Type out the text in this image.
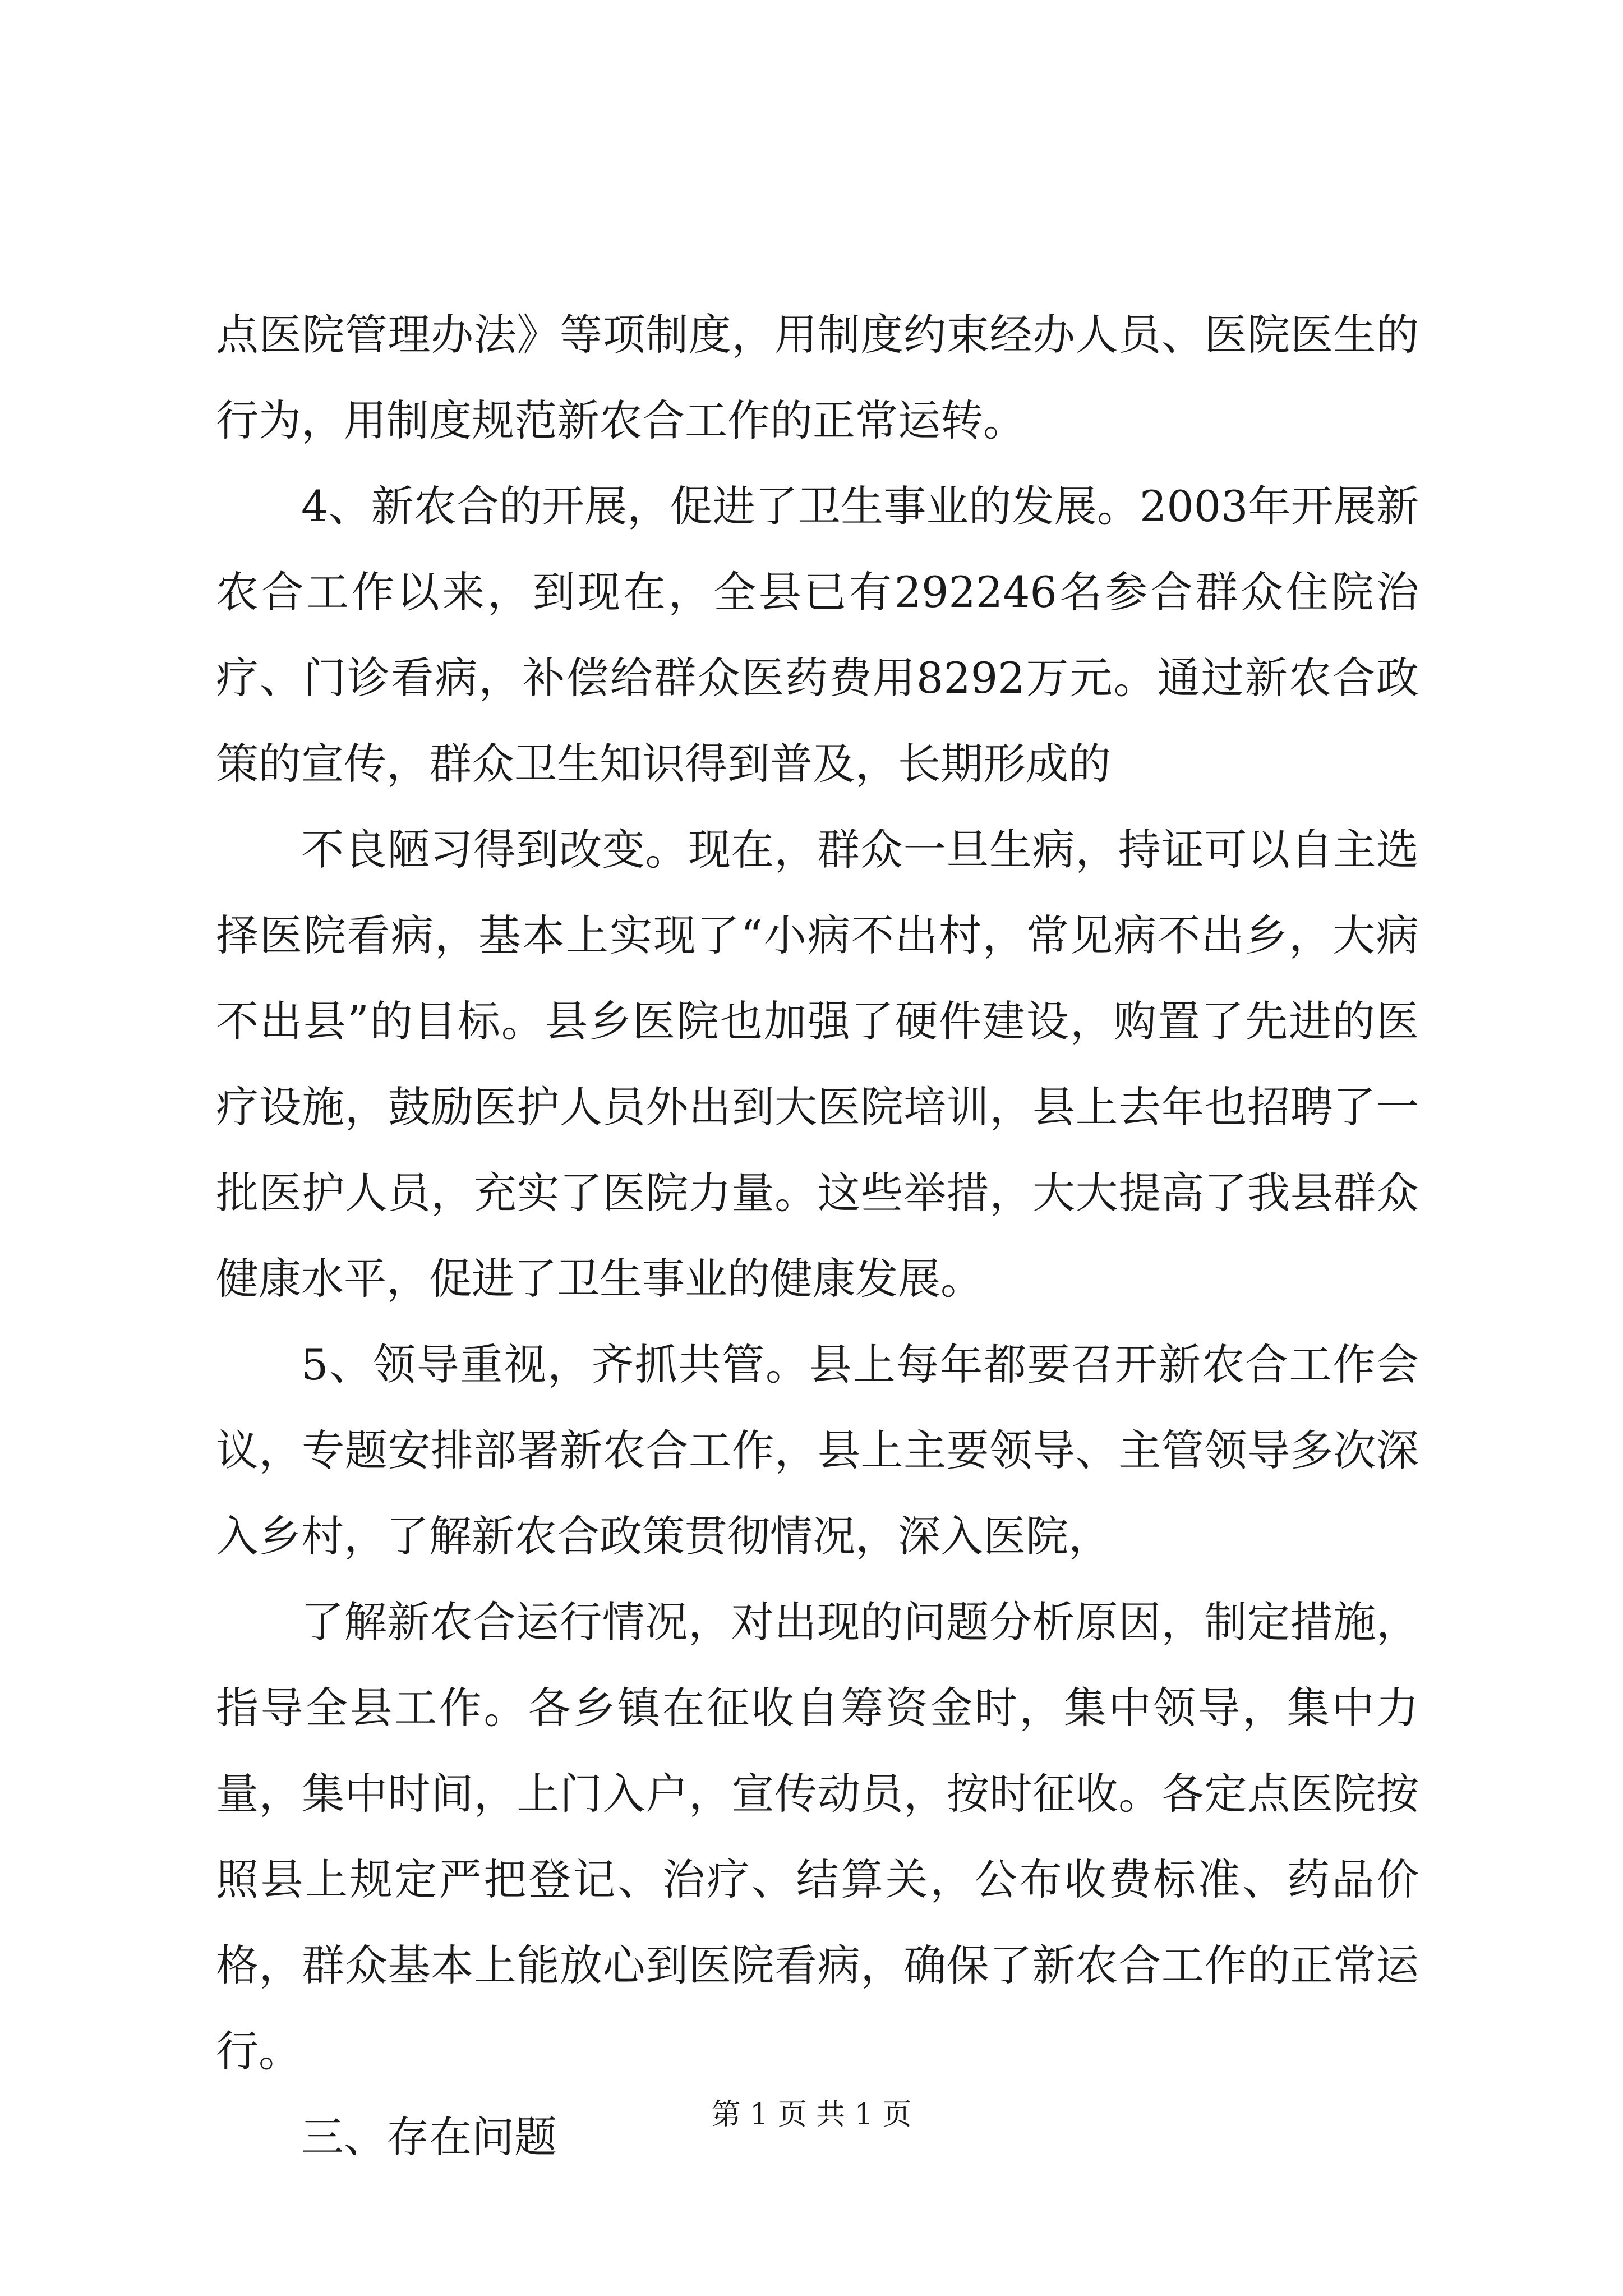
点医院管理办法》等项制度，用制度约束经办人员、医院医生的行为，用制度规范新农合工作的正常运转。

4、新农合的开展，促进了卫生事业的发展。2003年开展新农合工作以来，到现在，全县已有292246名参合群众住院治疗、门诊看病，补偿给群众医药费用8292万元。通过新农合政策的宣传，群众卫生知识得到普及，长期形成的

不良陋习得到改变。现在，群众一旦生病，持证可以自主选择医院看病，基本上实现了“小病不出村，常见病不出乡，大病不出县”的目标。县乡医院也加强了硬件建设，购置了先进的医疗设施，鼓励医护人员外出到大医院培训，县上去年也招聘了一批医护人员，充实了医院力量。这些举措，大大提高了我县群众健康水平，促进了卫生事业的健康发展。

5、领导重视，齐抓共管。县上每年都要召开新农合工作会议，专题安排部署新农合工作，县上主要领导、主管领导多次深入乡村，了解新农合政策贯彻情况，深入医院，

了解新农合运行情况，对出现的问题分析原因，制定措施，指导全县工作。各乡镇在征收自筹资金时，集中领导，集中力量，集中时间，上门入户，宣传动员，按时征收。各定点医院按照县上规定严把登记、治疗、结算关，公布收费标准、药品价格，群众基本上能放心到医院看病，确保了新农合工作的正常运行。

三、存在问题	第 1 页 共 1 页
